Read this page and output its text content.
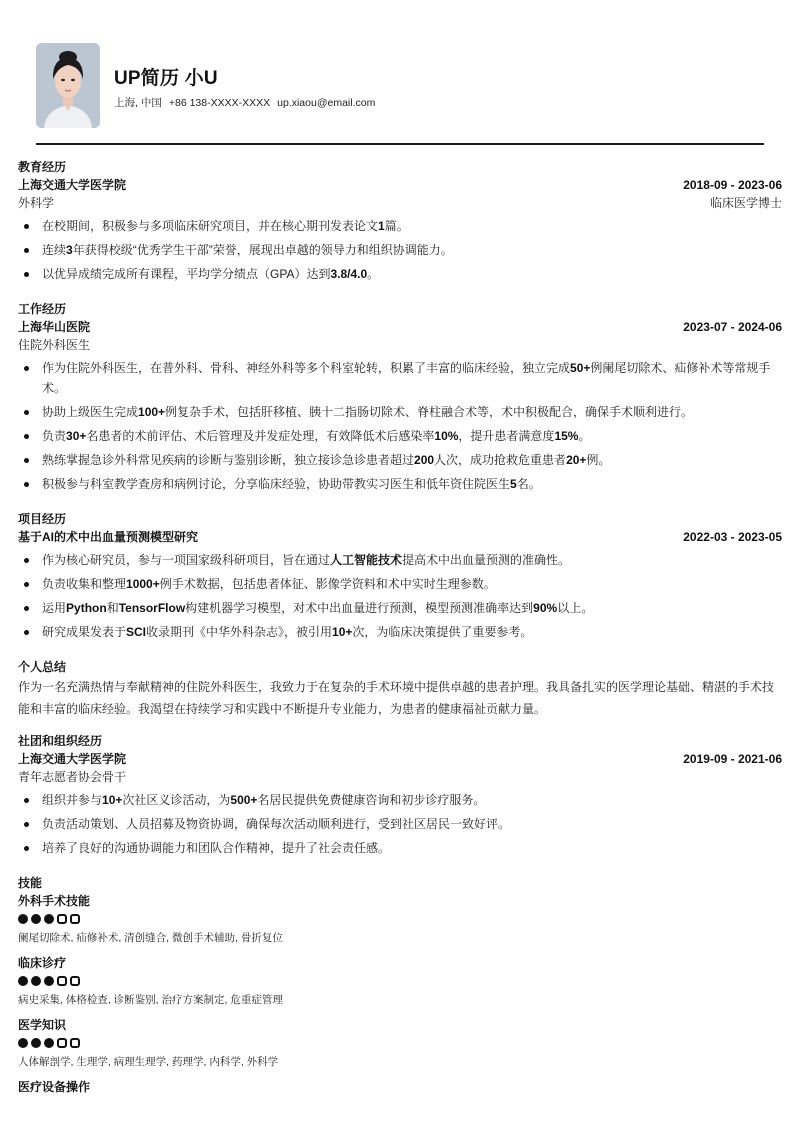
UP简历 小U
上海, 中国 +86 138-XXXX-XXXX up.xiaou@email.com
教育经历
上海交通大学医学院	2018-09 - 2023-06
外科学	临床医学博士
在校期间，积极参与多项临床研究项目，并在核心期刊发表论文1篇。
连续3年获得校级“优秀学生干部”荣誉，展现出卓越的领导力和组织协调能力。
以优异成绩完成所有课程，平均学分绩点（GPA）达到3.8/4.0。
工作经历
上海华山医院	2023-07 - 2024-06
住院外科医生
作为住院外科医生，在普外科、骨科、神经外科等多个科室轮转，积累了丰富的临床经验，独立完成50+例阑尾切除术、疝修补术等常规手术。
协助上级医生完成100+例复杂手术，包括肝移植、胰十二指肠切除术、脊柱融合术等，术中积极配合，确保手术顺利进行。
负责30+名患者的术前评估、术后管理及并发症处理，有效降低术后感染率10%，提升患者满意度15%。
熟练掌握急诊外科常见疾病的诊断与鉴别诊断，独立接诊急诊患者超过200人次，成功抢救危重患者20+例。
积极参与科室教学查房和病例讨论，分享临床经验，协助带教实习医生和低年资住院医生5名。
项目经历
基于AI的术中出血量预测模型研究	2022-03 - 2023-05
作为核心研究员，参与一项国家级科研项目，旨在通过人工智能技术提高术中出血量预测的准确性。
负责收集和整理1000+例手术数据，包括患者体征、影像学资料和术中实时生理参数。
运用Python和TensorFlow构建机器学习模型，对术中出血量进行预测，模型预测准确率达到90%以上。
研究成果发表于SCI收录期刊《中华外科杂志》，被引用10+次，为临床决策提供了重要参考。
个人总结
作为一名充满热情与奉献精神的住院外科医生，我致力于在复杂的手术环境中提供卓越的患者护理。我具备扎实的医学理论基础、精湛的手术技能和丰富的临床经验。我渴望在持续学习和实践中不断提升专业能力，为患者的健康福祉贡献力量。
社团和组织经历
上海交通大学医学院	2019-09 - 2021-06
青年志愿者协会骨干
组织并参与10+次社区义诊活动，为500+名居民提供免费健康咨询和初步诊疗服务。
负责活动策划、人员招募及物资协调，确保每次活动顺利进行，受到社区居民一致好评。
培养了良好的沟通协调能力和团队合作精神，提升了社会责任感。
技能
外科手术技能
阑尾切除术, 疝修补术, 清创缝合, 微创手术辅助, 骨折复位
临床诊疗
病史采集, 体格检查, 诊断鉴别, 治疗方案制定, 危重症管理
医学知识
人体解剖学, 生理学, 病理生理学, 药理学, 内科学, 外科学
医疗设备操作
